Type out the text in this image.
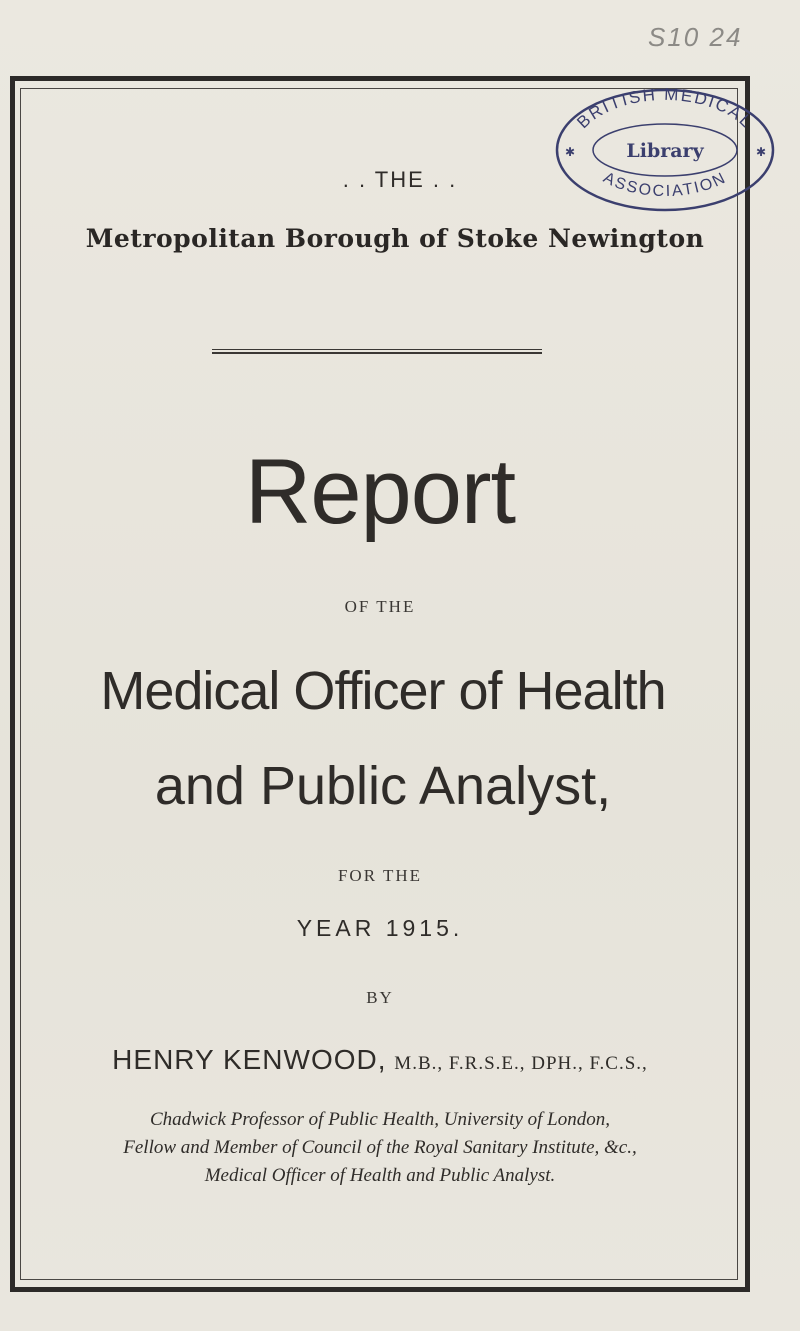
S10 24
BRITISH MEDICAL
ASSOCIATION
Library
✱	✱
. . THE . .
Metropolitan Borough of Stoke Newington
Report
OF THE
Medical Officer of Health
and Public Analyst,
FOR THE
YEAR 1915.
BY
HENRY KENWOOD, M.B., F.R.S.E., DPH., F.C.S.,
Chadwick Professor of Public Health, University of London,
Fellow and Member of Council of the Royal Sanitary Institute, &c.,
Medical Officer of Health and Public Analyst.
